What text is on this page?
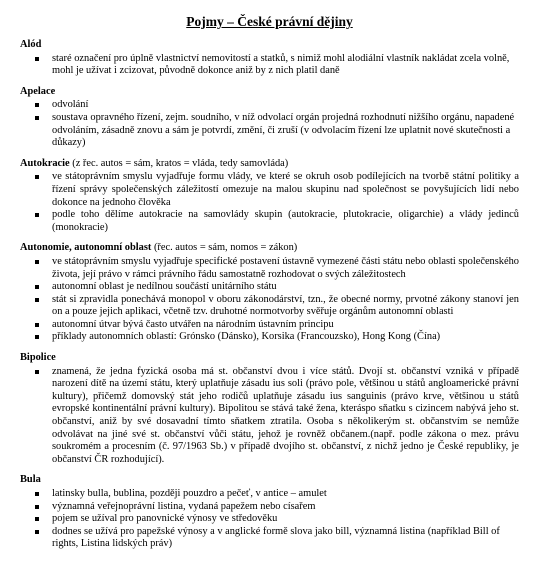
Pojmy – České právní dějiny
Alód
staré označení pro úplně vlastnictví nemovitostí a statků, s nimiž mohl alodiální vlastník nakládat zcela volně, mohl je užívat i zcizovat, původně dokonce aniž by z nich platil daně
Apelace
odvolání
soustava opravného řízení, zejm. soudního, v níž odvolací orgán projedná rozhodnutí nižšího orgánu, napadené odvoláním, zásadně znovu a sám je potvrdí, změní, či zruší (v odvolacím řízení lze uplatnit nové skutečnosti a důkazy)
Autokracie (z řec. autos = sám, kratos = vláda, tedy samovláda)
ve státoprávním smyslu vyjadřuje formu vlády, ve které se okruh osob podílejících na tvorbě státní politiky a řízení správy společenských záležitostí omezuje na malou skupinu nad společnost se povyšujících lidí nebo dokonce na jednoho člověka
podle toho dělíme autokracie na samovlády skupin (autokracie, plutokracie, oligarchie) a vlády jedinců (monokracie)
Autonomie, autonomní oblast (řec. autos = sám, nomos = zákon)
ve státoprávním smyslu vyjadřuje specifické postavení ústavně vymezené části státu nebo oblasti společenského života, její právo v rámci právního řádu samostatně rozhodovat o svých záležitostech
autonomní oblast je nedílnou součástí unitárního státu
stát si zpravidla ponechává monopol v oboru zákonodárství, tzn., že obecné normy, prvotné zákony stanoví jen on a pouze jejich aplikaci, včetně tzv. druhotné normotvorby svěřuje orgánům autonomní oblasti
autonomní útvar bývá často utvářen na národním ústavním principu
příklady autonomních oblastí: Grónsko (Dánsko), Korsika (Francouzsko), Hong Kong (Čína)
Bipolice
znamená, že jedna fyzická osoba má st. občanství dvou i více států. Dvojí st. občanství vzniká v případě narození dítě na území státu, který uplatňuje zásadu ius soli (právo pole, většinou u států angloamerické právní kultury), přičemž domovský stát jeho rodičů uplatňuje zásadu ius sanguinis (právo krve, většinou u států evropské kontinentální právní kultury). Bipolitou se stává také žena, kteráspo sňatku s cizincem nabývá jeho st. občanství, aniž by své dosavadní tímto sňatkem ztratila. Osoba s několikerým st. občanstvím se nemůže odvolávat na jiné své st. občanství vůči státu, jehož je rovněž občanem.(např. podle zákona o mez. právu soukromém a procesním (č. 97/1963 Sb.) v případě dvojího st. občanství, z nichž jedno je České republiky, je občanství ČR rozhodující).
Bula
latinsky bulla, bublina, později pouzdro a pečeť, v antice – amulet
významná veřejnoprávní listina, vydaná papežem nebo císařem
pojem se užíval pro panovnické výnosy ve středověku
dodnes se užívá pro papežské výnosy a v anglické formě slova jako bill, významná listina (například Bill of rights, Listina lidských práv)
